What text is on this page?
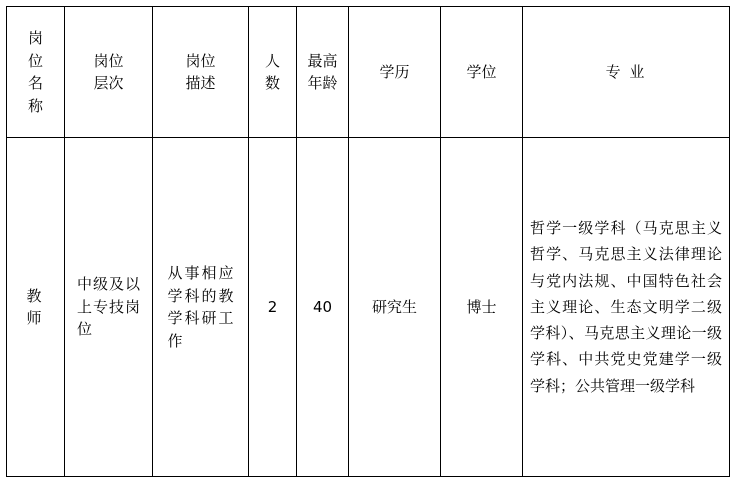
岗位名称	岗位层次	岗位描述	人数	最高年龄	学历	学位	专 业

教师	中级及以上专技岗位	从事相应学科的教学科研工作	2	40	研究生	博士	哲学一级学科（马克思主义哲学、马克思主义法律理论与党内法规、中国特色社会主义理论、生态文明学二级学科）、马克思主义理论一级学科、中共党史党建学一级学科；公共管理一级学科
